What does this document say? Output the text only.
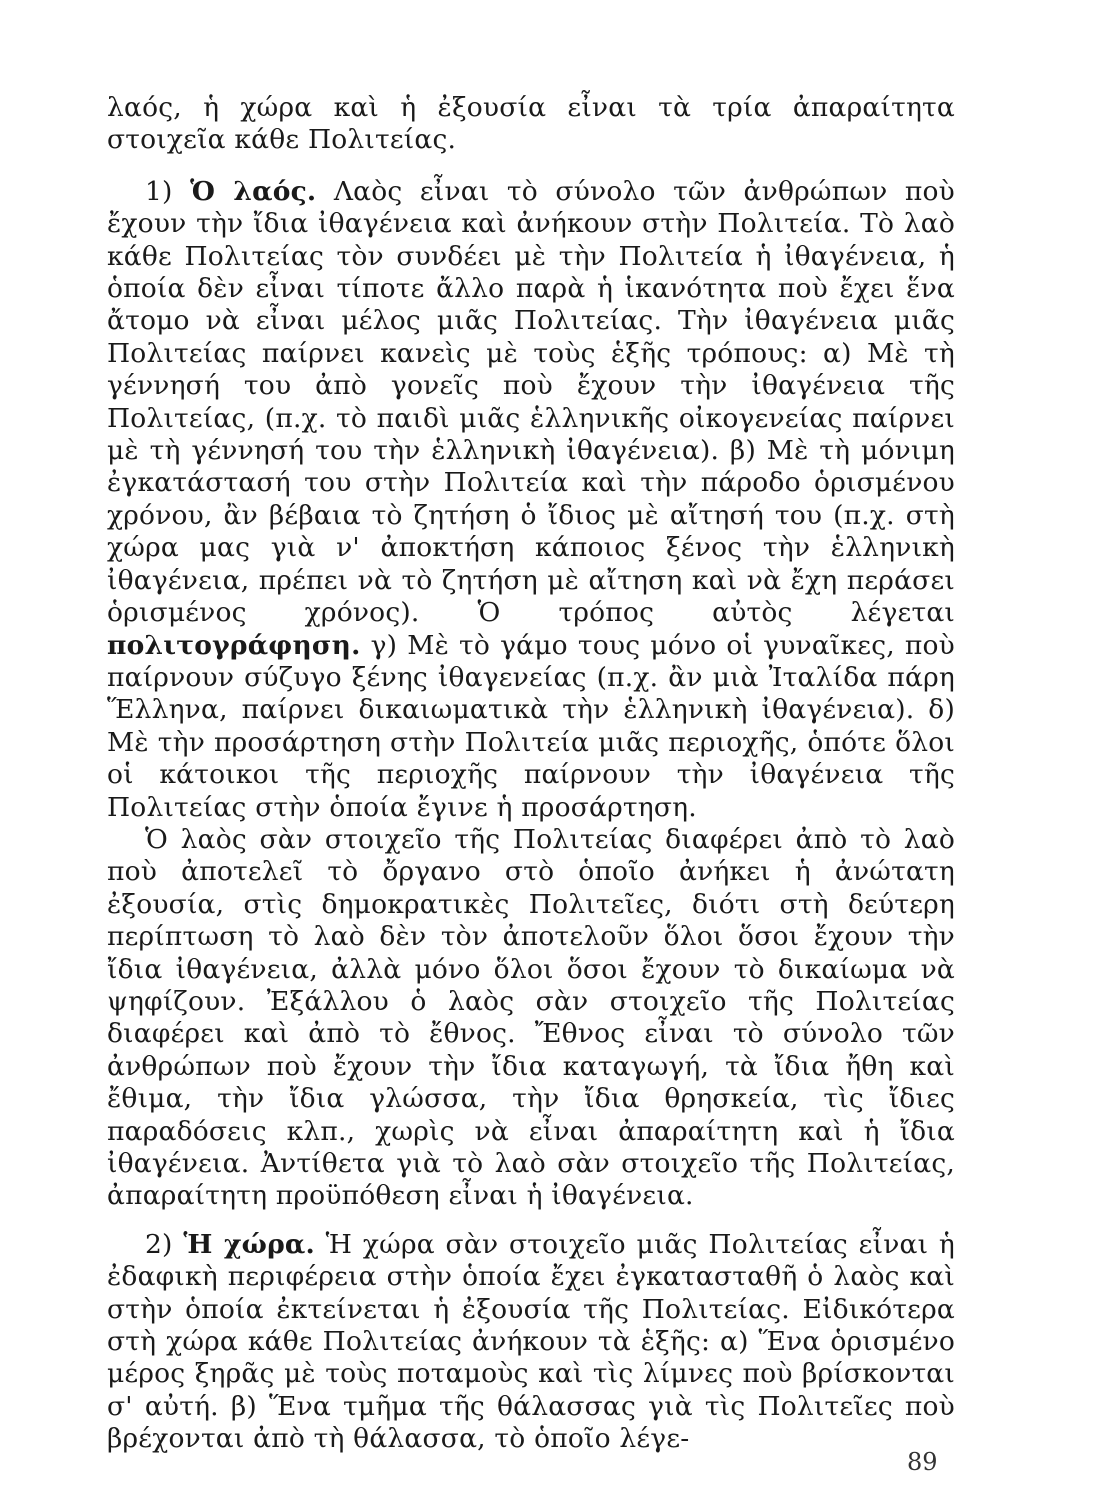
λαός, ἡ χώρα καὶ ἡ ἐξουσία εἶναι τὰ τρία ἀπαραίτητα στοιχεῖα κάθε Πολιτείας.

1) Ὁ λαός. Λαὸς εἶναι τὸ σύνολο τῶν ἀνθρώπων ποὺ ἔχουν τὴν ἴδια ἰθαγένεια καὶ ἀνήκουν στὴν Πολιτεία. Τὸ λαὸ κάθε Πολιτείας τὸν συνδέει μὲ τὴν Πολιτεία ἡ ἰθαγένεια, ἡ ὁποία δὲν εἶναι τίποτε ἄλλο παρὰ ἡ ἱκανότητα ποὺ ἔχει ἕνα ἄτομο νὰ εἶναι μέλος μιᾶς Πολιτείας. Τὴν ἰθαγένεια μιᾶς Πολιτείας παίρνει κανεὶς μὲ τοὺς ἑξῆς τρόπους: α) Μὲ τὴ γέννησή του ἀπὸ γονεῖς ποὺ ἔχουν τὴν ἰθαγένεια τῆς Πολιτείας, (π.χ. τὸ παιδὶ μιᾶς ἑλληνικῆς οἰκογενείας παίρνει μὲ τὴ γέννησή του τὴν ἑλληνικὴ ἰθαγένεια). β) Μὲ τὴ μόνιμη ἐγκατάστασή του στὴν Πολιτεία καὶ τὴν πάροδο ὁρισμένου χρόνου, ἂν βέβαια τὸ ζητήση ὁ ἴδιος μὲ αἴτησή του (π.χ. στὴ χώρα μας γιὰ ν' ἀποκτήση κάποιος ξένος τὴν ἑλληνικὴ ἰθαγένεια, πρέπει νὰ τὸ ζητήση μὲ αἴτηση καὶ νὰ ἔχη περάσει ὁρισμένος χρόνος). Ὁ τρόπος αὐτὸς λέγεται πολιτογράφηση. γ) Μὲ τὸ γάμο τους μόνο οἱ γυναῖκες, ποὺ παίρνουν σύζυγο ξένης ἰθαγενείας (π.χ. ἂν μιὰ Ἰταλίδα πάρη Ἕλληνα, παίρνει δικαιωματικὰ τὴν ἑλληνικὴ ἰθαγένεια). δ) Μὲ τὴν προσάρτηση στὴν Πολιτεία μιᾶς περιοχῆς, ὁπότε ὅλοι οἱ κάτοικοι τῆς περιοχῆς παίρνουν τὴν ἰθαγένεια τῆς Πολιτείας στὴν ὁποία ἔγινε ἡ προσάρτηση.

Ὁ λαὸς σὰν στοιχεῖο τῆς Πολιτείας διαφέρει ἀπὸ τὸ λαὸ ποὺ ἀποτελεῖ τὸ ὄργανο στὸ ὁποῖο ἀνήκει ἡ ἀνώτατη ἐξουσία, στὶς δημοκρατικὲς Πολιτεῖες, διότι στὴ δεύτερη περίπτωση τὸ λαὸ δὲν τὸν ἀποτελοῦν ὅλοι ὅσοι ἔχουν τὴν ἴδια ἰθαγένεια, ἀλλὰ μόνο ὅλοι ὅσοι ἔχουν τὸ δικαίωμα νὰ ψηφίζουν. Ἐξάλλου ὁ λαὸς σὰν στοιχεῖο τῆς Πολιτείας διαφέρει καὶ ἀπὸ τὸ ἔθνος. Ἔθνος εἶναι τὸ σύνολο τῶν ἀνθρώπων ποὺ ἔχουν τὴν ἴδια καταγωγή, τὰ ἴδια ἤθη καὶ ἔθιμα, τὴν ἴδια γλώσσα, τὴν ἴδια θρησκεία, τὶς ἴδιες παραδόσεις κλπ., χωρὶς νὰ εἶναι ἀπαραίτητη καὶ ἡ ἴδια ἰθαγένεια. Ἀντίθετα γιὰ τὸ λαὸ σὰν στοιχεῖο τῆς Πολιτείας, ἀπαραίτητη προϋπόθεση εἶναι ἡ ἰθαγένεια.

2) Ἡ χώρα. Ἡ χώρα σὰν στοιχεῖο μιᾶς Πολιτείας εἶναι ἡ ἐδαφικὴ περιφέρεια στὴν ὁποία ἔχει ἐγκατασταθῆ ὁ λαὸς καὶ στὴν ὁποία ἐκτείνεται ἡ ἐξουσία τῆς Πολιτείας. Εἰδικότερα στὴ χώρα κάθε Πολιτείας ἀνήκουν τὰ ἑξῆς: α) Ἕνα ὁρισμένο μέρος ξηρᾶς μὲ τοὺς ποταμοὺς καὶ τὶς λίμνες ποὺ βρίσκονται σ' αὐτή. β) Ἕνα τμῆμα τῆς θάλασσας γιὰ τὶς Πολιτεῖες ποὺ βρέχονται ἀπὸ τὴ θάλασσα, τὸ ὁποῖο λέγε-

89
